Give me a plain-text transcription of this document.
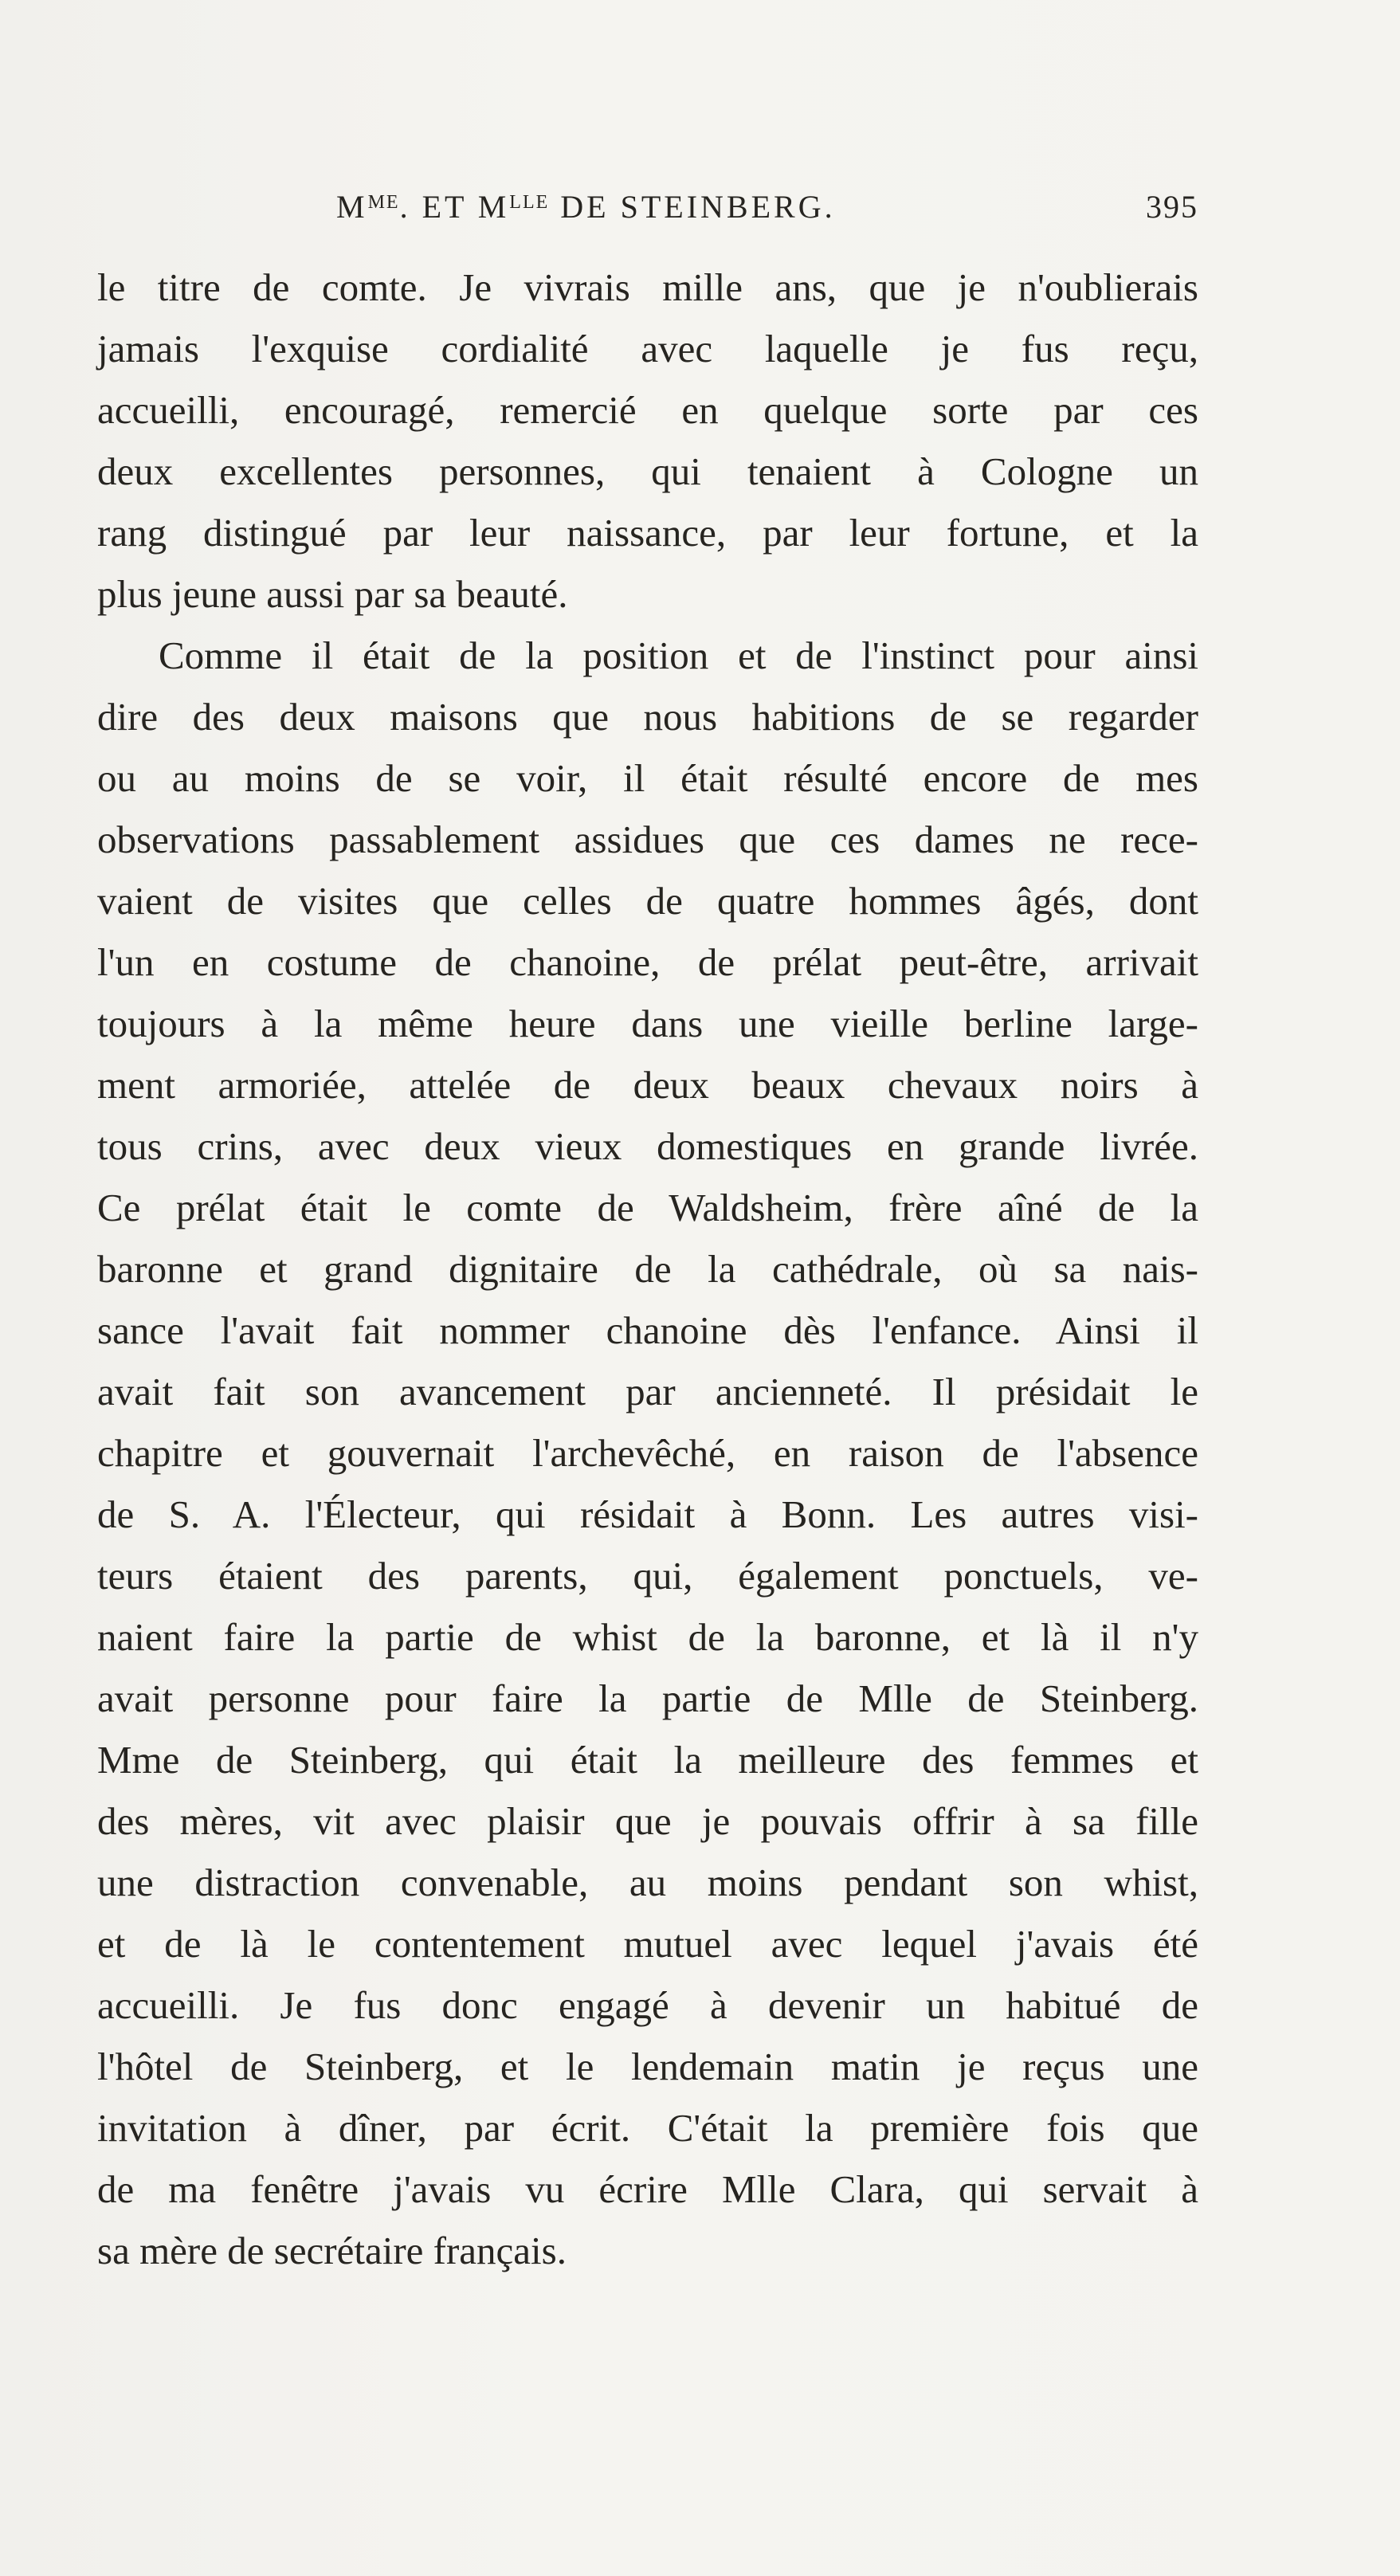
$M^{ME}$. ET $M^{LLE}$ DE STEINBERG.	395
le titre de comte. Je vivrais mille ans, que je n'oublierais
jamais l'exquise cordialité avec laquelle je fus reçu,
accueilli, encouragé, remercié en quelque sorte par ces
deux excellentes personnes, qui tenaient à Cologne un
rang distingué par leur naissance, par leur fortune, et la
plus jeune aussi par sa beauté.
Comme il était de la position et de l'instinct pour ainsi
dire des deux maisons que nous habitions de se regarder
ou au moins de se voir, il était résulté encore de mes
observations passablement assidues que ces dames ne rece-
vaient de visites que celles de quatre hommes âgés, dont
l'un en costume de chanoine, de prélat peut-être, arrivait
toujours à la même heure dans une vieille berline large-
ment armoriée, attelée de deux beaux chevaux noirs à
tous crins, avec deux vieux domestiques en grande livrée.
Ce prélat était le comte de Waldsheim, frère aîné de la
baronne et grand dignitaire de la cathédrale, où sa nais-
sance l'avait fait nommer chanoine dès l'enfance. Ainsi il
avait fait son avancement par ancienneté. Il présidait le
chapitre et gouvernait l'archevêché, en raison de l'absence
de S. A. l'Électeur, qui résidait à Bonn. Les autres visi-
teurs étaient des parents, qui, également ponctuels, ve-
naient faire la partie de whist de la baronne, et là il n'y
avait personne pour faire la partie de Mlle de Steinberg.
Mme de Steinberg, qui était la meilleure des femmes et
des mères, vit avec plaisir que je pouvais offrir à sa fille
une distraction convenable, au moins pendant son whist,
et de là le contentement mutuel avec lequel j'avais été
accueilli. Je fus donc engagé à devenir un habitué de
l'hôtel de Steinberg, et le lendemain matin je reçus une
invitation à dîner, par écrit. C'était la première fois que
de ma fenêtre j'avais vu écrire Mlle Clara, qui servait à
sa mère de secrétaire français.
